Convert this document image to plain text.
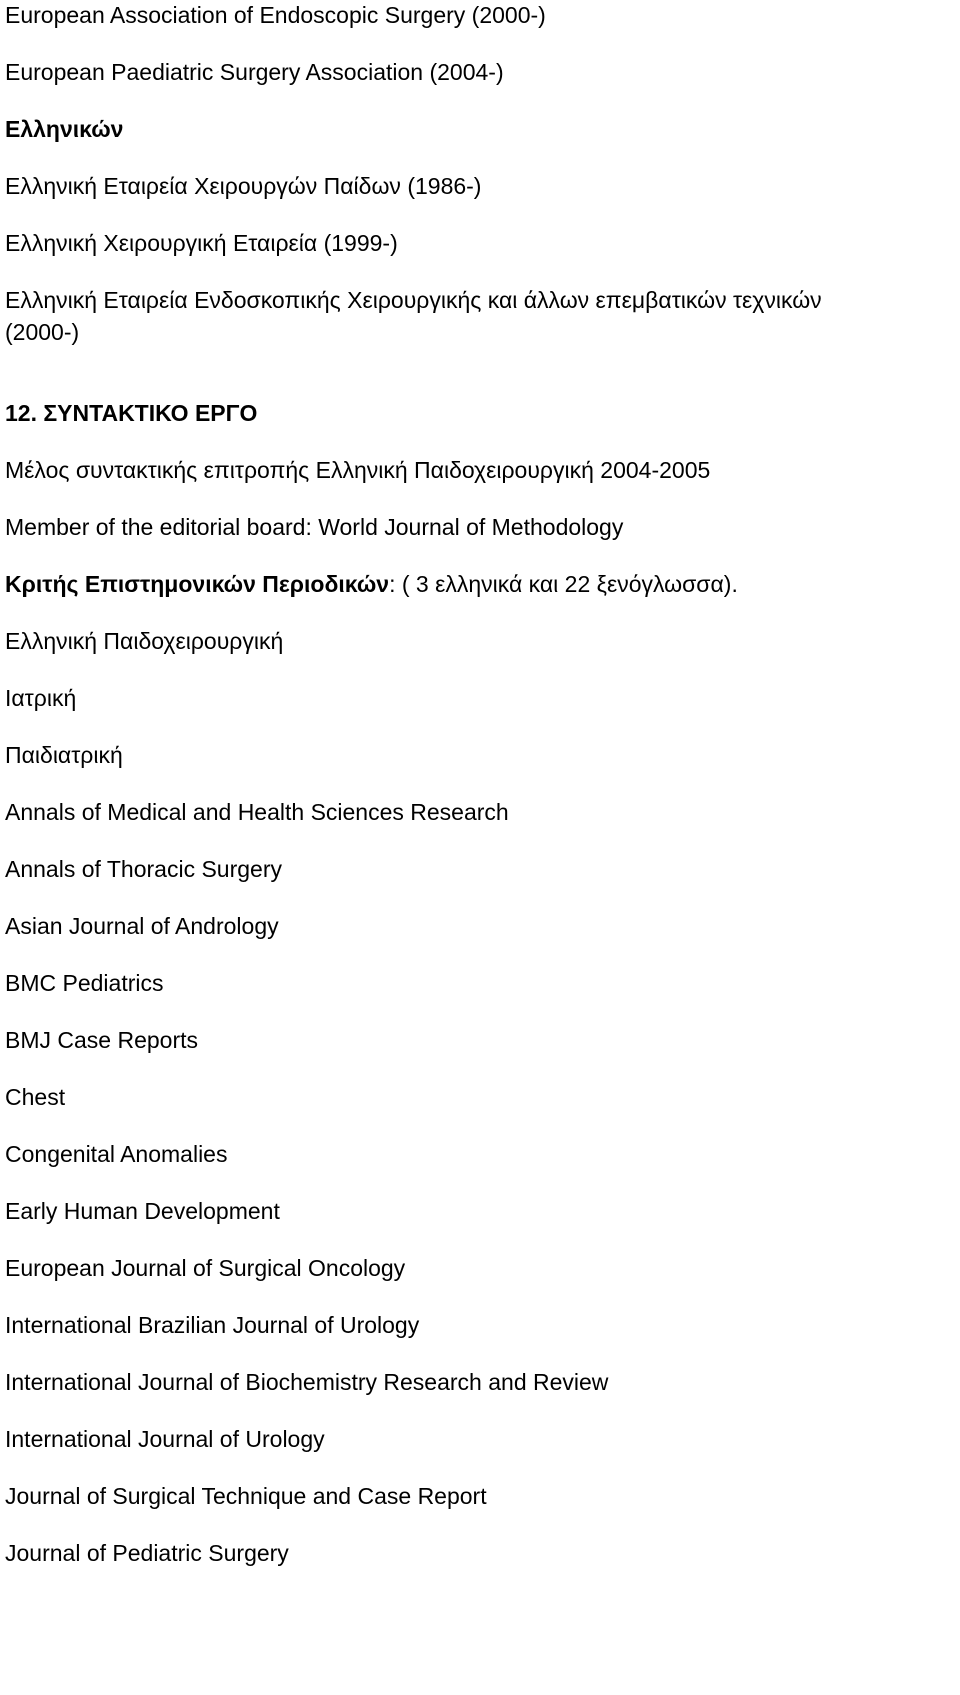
European Association of Endoscopic Surgery (2000-)

European Paediatric Surgery Association (2004-)

Ελληνικών

Ελληνική Εταιρεία Χειρουργών Παίδων (1986-)

Ελληνική Χειρουργική Εταιρεία (1999-)

Ελληνική Εταιρεία Ενδοσκοπικής Χειρουργικής και άλλων επεμβατικών τεχνικών

(2000-)

12. ΣΥΝΤΑΚΤΙΚΟ ΕΡΓΟ

Μέλος συντακτικής επιτροπής Ελληνική Παιδοχειρουργική 2004-2005

Member of the editorial board: World Journal of Methodology

Κριτής Επιστημονικών Περιοδικών: ( 3 ελληνικά και 22 ξενόγλωσσα).

Ελληνική Παιδοχειρουργική

Ιατρική

Παιδιατρική

Annals of Medical and Health Sciences Research

Annals of Thoracic Surgery

Asian Journal of Andrology

BMC Pediatrics

BMJ Case Reports

Chest

Congenital Anomalies

Early Human Development

European Journal of Surgical Oncology

International Brazilian Journal of Urology

International Journal of Biochemistry Research and Review

International Journal of Urology

Journal of Surgical Technique and Case Report

Journal of Pediatric Surgery
